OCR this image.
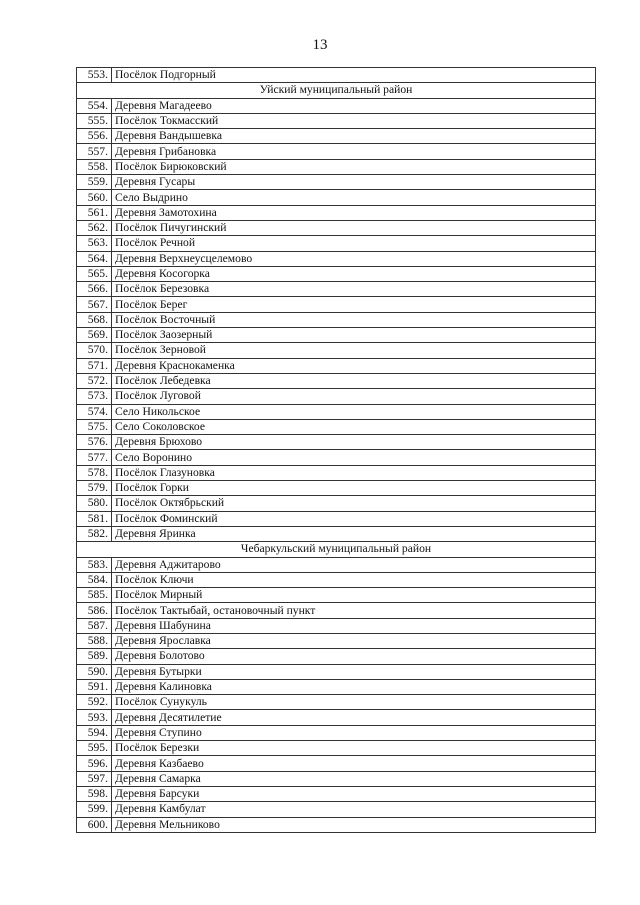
13
553.	Посёлок Подгорный
Уйский муниципальный район	
554.	Деревня Магадеево
555.	Посёлок Токмасский
556.	Деревня Вандышевка
557.	Деревня Грибановка
558.	Посёлок Бирюковский
559.	Деревня Гусары
560.	Село Выдрино
561.	Деревня Замотохина
562.	Посёлок Пичугинский
563.	Посёлок Речной
564.	Деревня Верхнеусцелемово
565.	Деревня Косогорка
566.	Посёлок Березовка
567.	Посёлок Берег
568.	Посёлок Восточный
569.	Посёлок Заозерный
570.	Посёлок Зерновой
571.	Деревня Краснокаменка
572.	Посёлок Лебедевка
573.	Посёлок Луговой
574.	Село Никольское
575.	Село Соколовское
576.	Деревня Брюхово
577.	Село Воронино
578.	Посёлок Глазуновка
579.	Посёлок Горки
580.	Посёлок Октябрьский
581.	Посёлок Фоминский
582.	Деревня Яринка
Чебаркульский муниципальный район	
583.	Деревня Аджитарово
584.	Посёлок Ключи
585.	Посёлок Мирный
586.	Посёлок Тактыбай, остановочный пункт
587.	Деревня Шабунина
588.	Деревня Ярославка
589.	Деревня Болотово
590.	Деревня Бутырки
591.	Деревня Калиновка
592.	Посёлок Сунукуль
593.	Деревня Десятилетие
594.	Деревня Ступино
595.	Посёлок Березки
596.	Деревня Казбаево
597.	Деревня Самарка
598.	Деревня Барсуки
599.	Деревня Камбулат
600.	Деревня Мельниково
